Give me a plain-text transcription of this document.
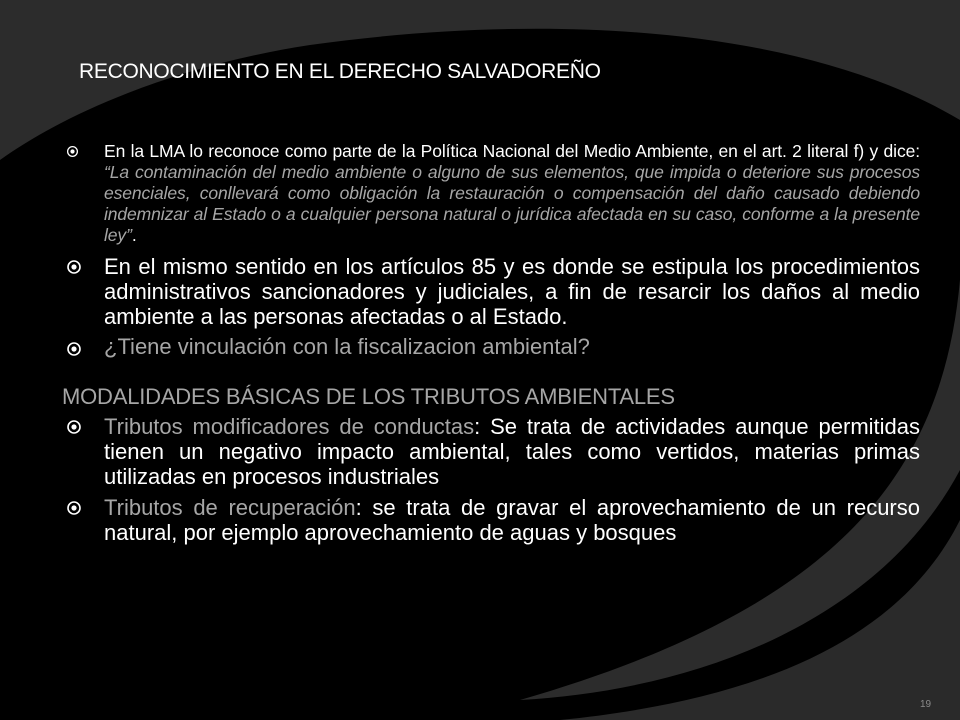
RECONOCIMIENTO EN EL DERECHO SALVADOREÑO
En la LMA lo reconoce como parte de la Política Nacional del Medio Ambiente, en el art. 2 literal f) y dice: “La contaminación del medio ambiente o alguno de sus elementos, que impida o deteriore sus procesos esenciales, conllevará como obligación la restauración o compensación del daño causado debiendo indemnizar al Estado o a cualquier persona natural o jurídica afectada en su caso, conforme a la presente ley”.
En el mismo sentido en los artículos 85 y es donde se estipula los procedimientos administrativos sancionadores y judiciales, a fin de resarcir los daños al medio ambiente a las personas afectadas o al Estado.
¿Tiene vinculación con la fiscalizacion ambiental?
MODALIDADES BÁSICAS DE LOS TRIBUTOS AMBIENTALES
Tributos modificadores de conductas: Se trata de actividades aunque permitidas tienen un negativo impacto ambiental, tales como vertidos, materias primas utilizadas en procesos industriales
Tributos de recuperación: se trata de gravar el aprovechamiento de un recurso natural, por ejemplo aprovechamiento de aguas y bosques
19
